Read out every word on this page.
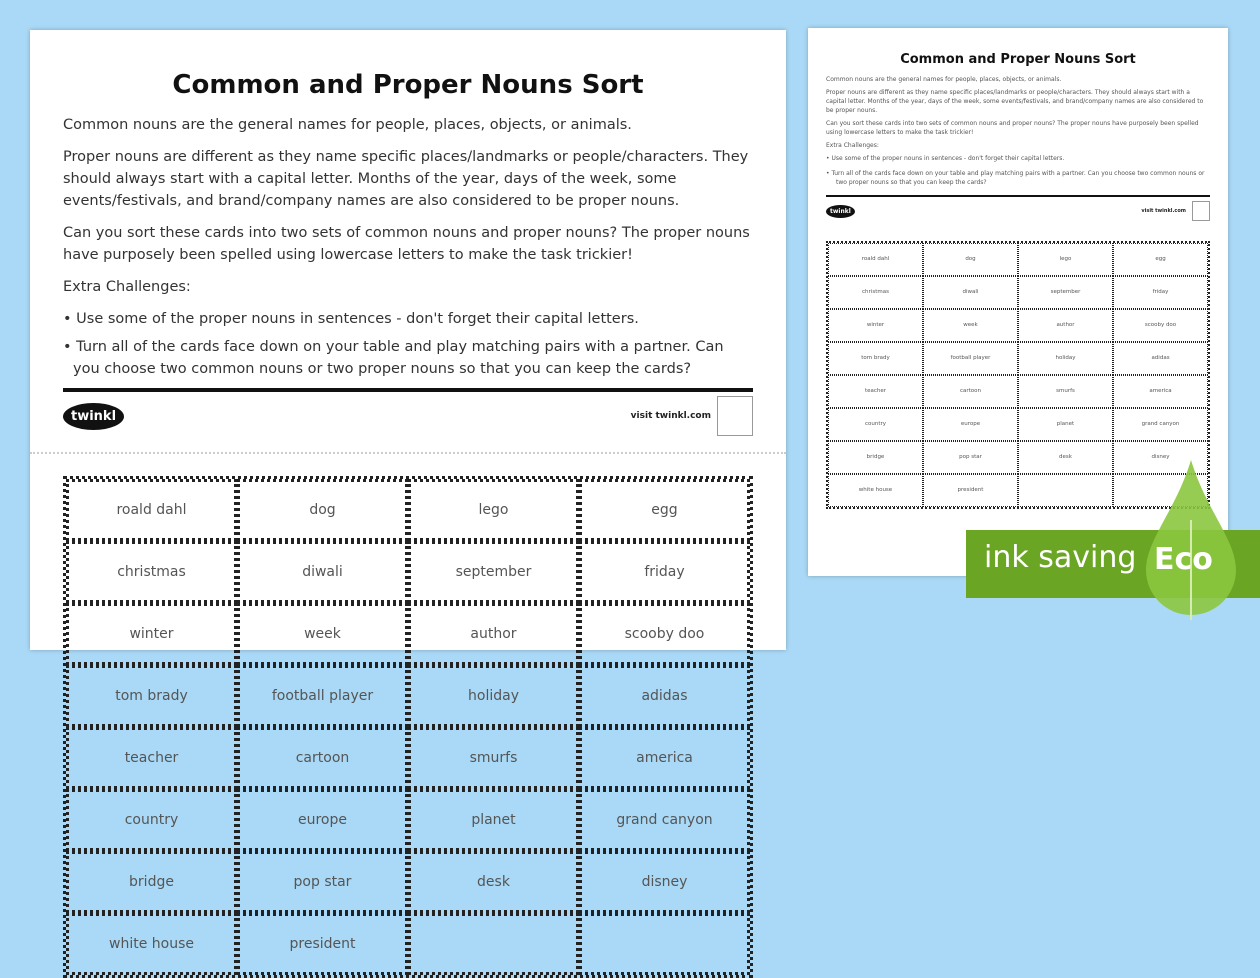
Common and Proper Nouns Sort

Common nouns are the general names for people, places, objects, or animals.

Proper nouns are different as they name specific places/landmarks or people/characters. They should always start with a capital letter. Months of the year, days of the week, some events/festivals, and brand/company names are also considered to be proper nouns.

Can you sort these cards into two sets of common nouns and proper nouns? The proper nouns have purposely been spelled using lowercase letters to make the task trickier!

Extra Challenges:

• Use some of the proper nouns in sentences - don't forget their capital letters.
• Turn all of the cards face down on your table and play matching pairs with a partner. Can you choose two common nouns or two proper nouns so that you can keep the cards?
twinkl	visit twinkl.com
roald dahl	dog	lego	egg
christmas	diwali	september	friday
winter	week	author	scooby doo
tom brady	football player	holiday	adidas
teacher	cartoon	smurfs	america
country	europe	planet	grand canyon
bridge	pop star	desk	disney
white house	president
Common and Proper Nouns Sort

Common nouns are the general names for people, places, objects, or animals.

Proper nouns are different as they name specific places/landmarks or people/characters. They should always start with a capital letter. Months of the year, days of the week, some events/festivals, and brand/company names are also considered to be proper nouns.

Can you sort these cards into two sets of common nouns and proper nouns? The proper nouns have purposely been spelled using lowercase letters to make the task trickier!

Extra Challenges:

• Use some of the proper nouns in sentences - don't forget their capital letters.
• Turn all of the cards face down on your table and play matching pairs with a partner. Can you choose two common nouns or two proper nouns so that you can keep the cards?
twinkl	visit twinkl.com
roald dahl	dog	lego	egg
christmas	diwali	september	friday
winter	week	author	scooby doo
tom brady	football player	holiday	adidas
teacher	cartoon	smurfs	america
country	europe	planet	grand canyon
bridge	pop star	desk	disney
white house	president
ink saving Eco
